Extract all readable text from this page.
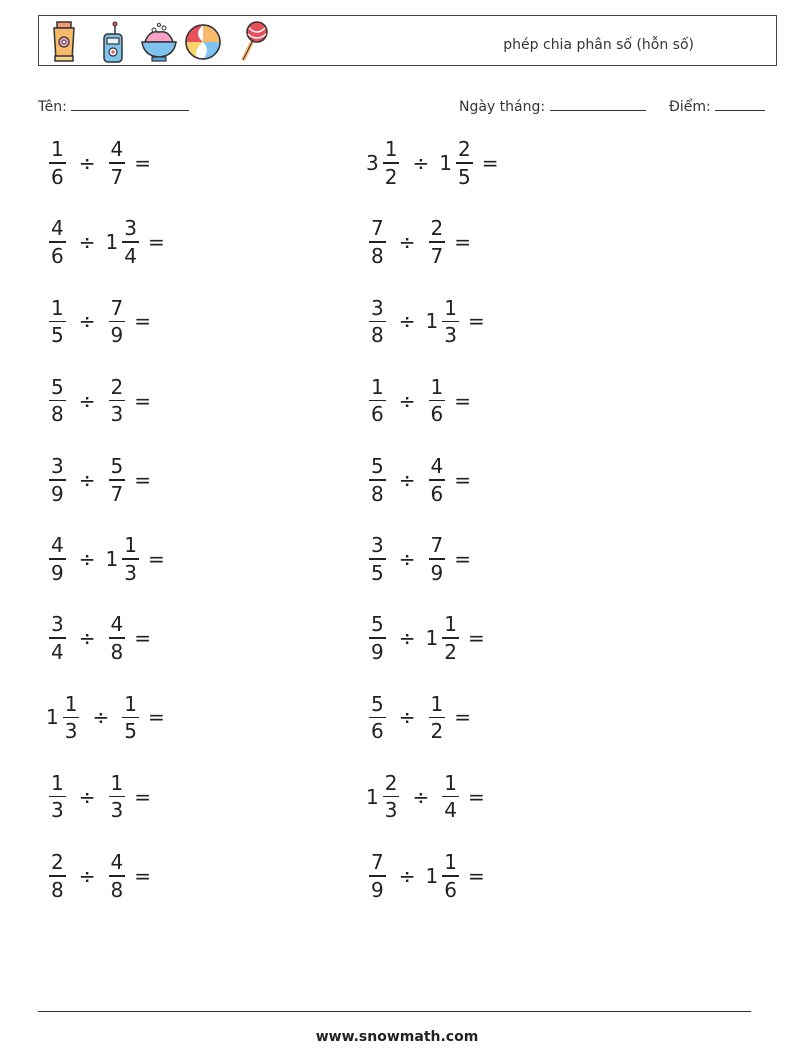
phép chia phân số (hỗn số)
Tên:	Ngày tháng:	Điểm:
$\frac{1}{6} \div \frac{4}{7}$ =	$3 \frac{1}{2} \div 1 \frac{2}{5}$ =
$\frac{4}{6} \div 1 \frac{3}{4}$ =	$\frac{7}{8} \div \frac{2}{7}$ =
$\frac{1}{5} \div \frac{7}{9}$ =	$\frac{3}{8} \div 1 \frac{1}{3}$ =
$\frac{5}{8} \div \frac{2}{3}$ =	$\frac{1}{6} \div \frac{1}{6}$ =
$\frac{3}{9} \div \frac{5}{7}$ =	$\frac{5}{8} \div \frac{4}{6}$ =
$\frac{4}{9} \div 1 \frac{1}{3}$ =	$\frac{3}{5} \div \frac{7}{9}$ =
$\frac{3}{4} \div \frac{4}{8}$ =	$\frac{5}{9} \div 1 \frac{1}{2}$ =
$1 \frac{1}{3} \div \frac{1}{5}$ =	$\frac{5}{6} \div \frac{1}{2}$ =
$\frac{1}{3} \div \frac{1}{3}$ =	$1 \frac{2}{3} \div \frac{1}{4}$ =
$\frac{2}{8} \div \frac{4}{8}$ =	$\frac{7}{9} \div 1 \frac{1}{6}$ =
www.snowmath.com
